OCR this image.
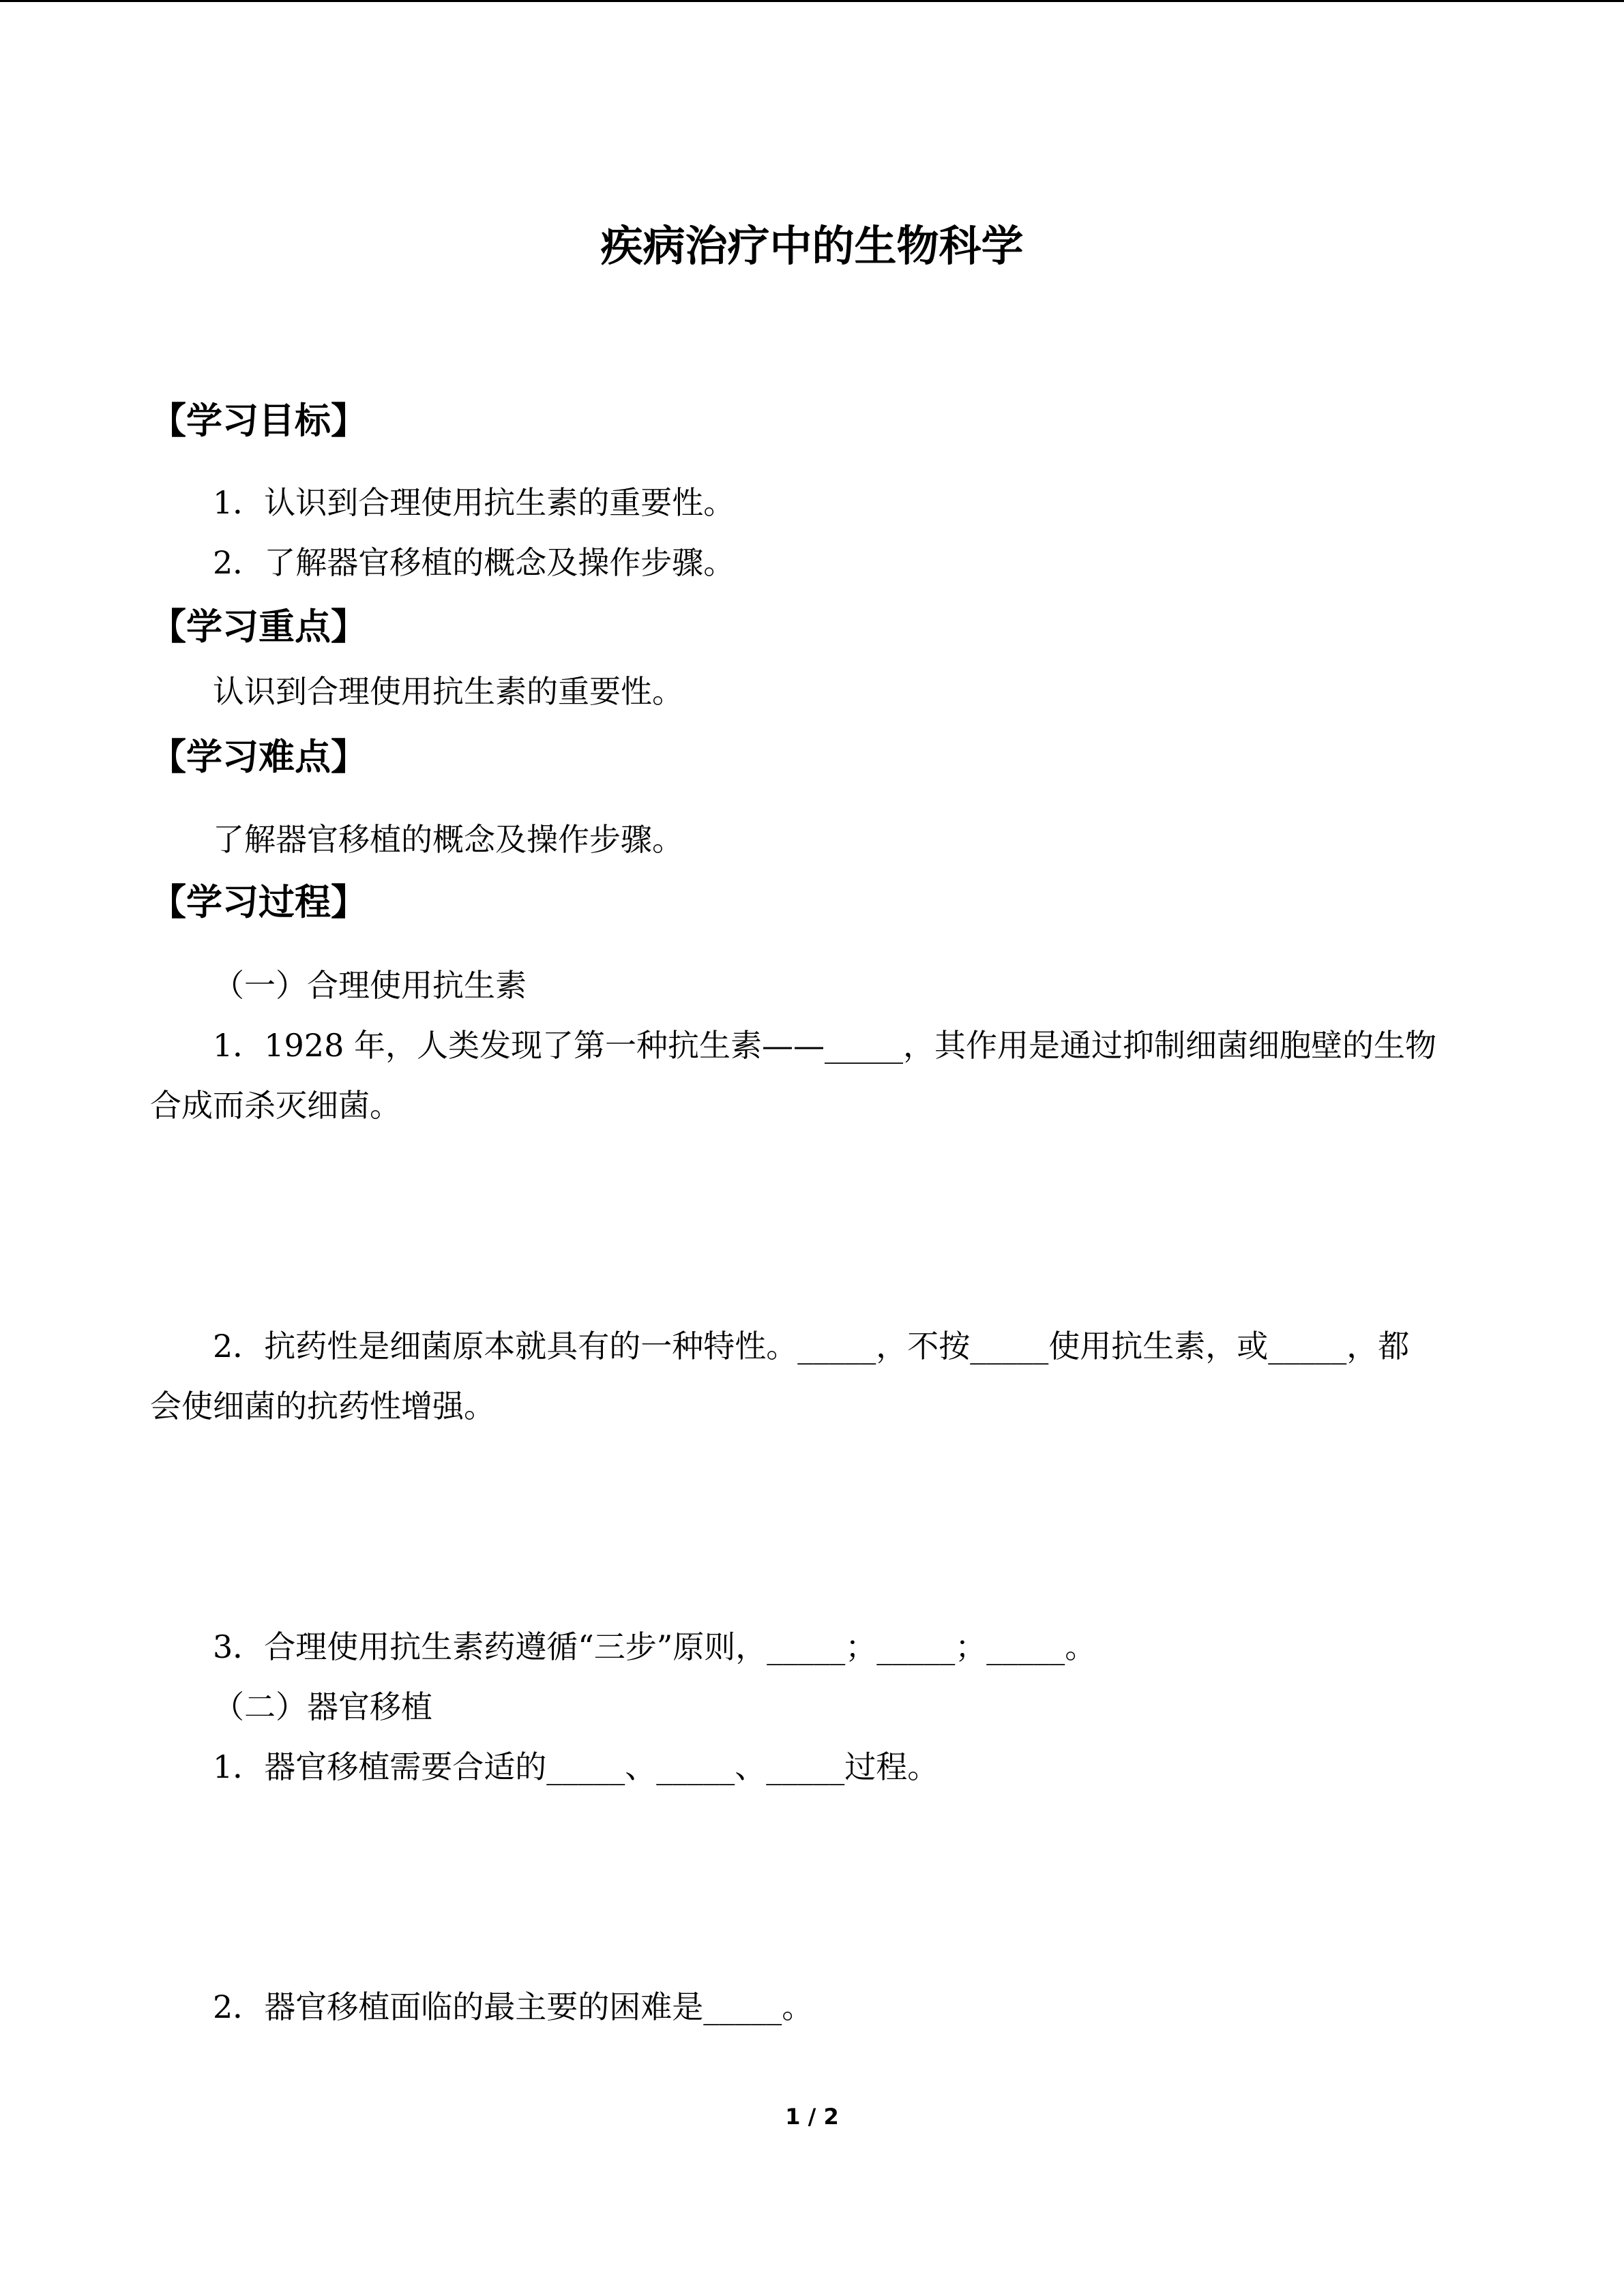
疾病治疗中的生物科学
【学习目标】
1．认识到合理使用抗生素的重要性。
2．了解器官移植的概念及操作步骤。
【学习重点】
认识到合理使用抗生素的重要性。
【学习难点】
了解器官移植的概念及操作步骤。
【学习过程】
（一）合理使用抗生素
1．1928 年，人类发现了第一种抗生素——_____，其作用是通过抑制细菌细胞壁的生物
合成而杀灭细菌。
2．抗药性是细菌原本就具有的一种特性。_____，不按_____使用抗生素，或_____，都
会使细菌的抗药性增强。
3．合理使用抗生素药遵循“三步”原则，_____；_____；_____。
（二）器官移植
1．器官移植需要合适的_____、_____、_____过程。
2．器官移植面临的最主要的困难是_____。
1 / 2
